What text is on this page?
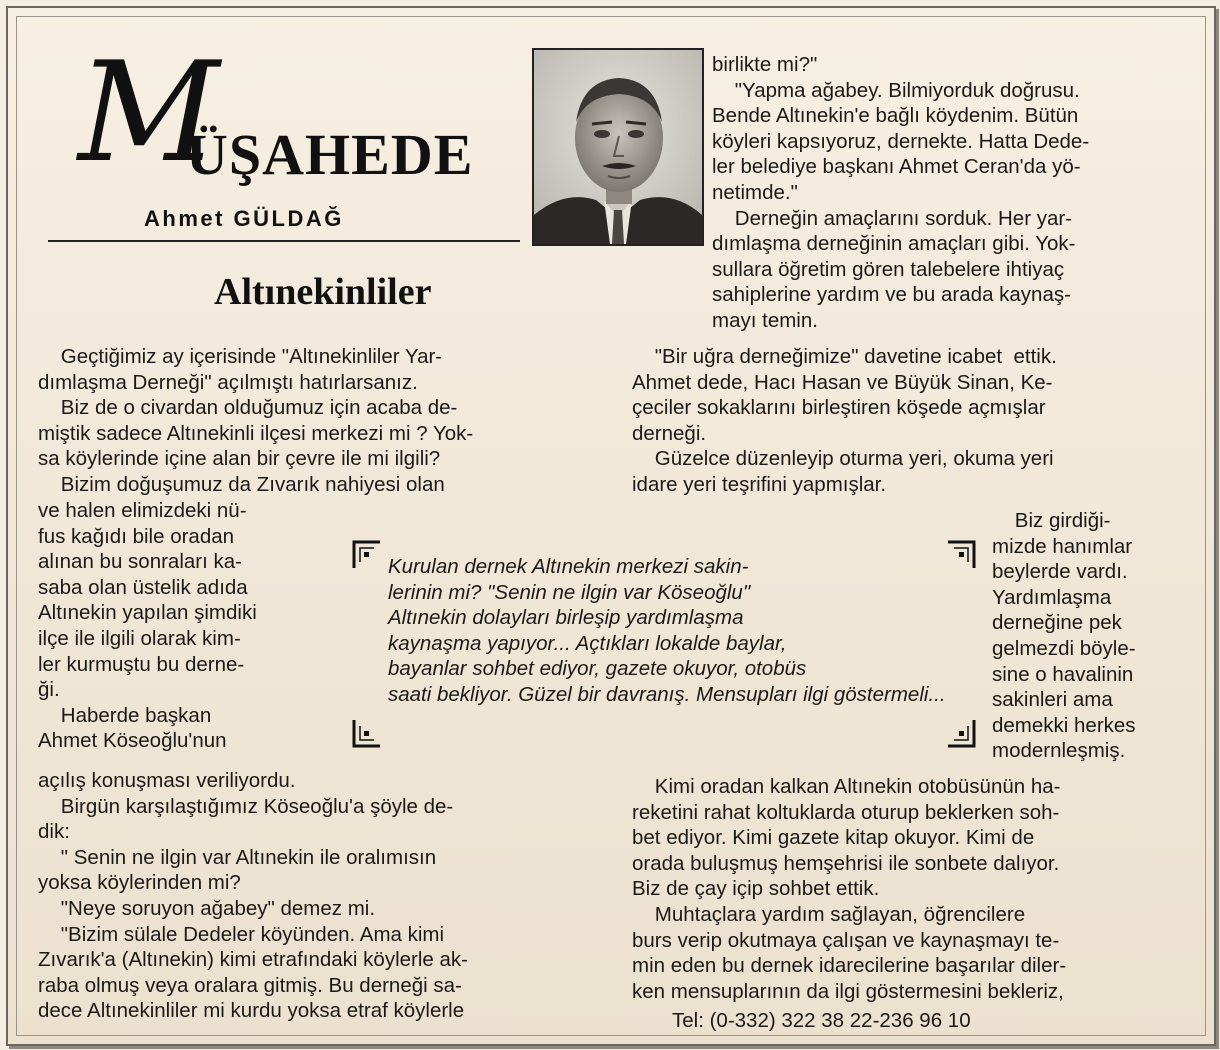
M
ÜŞAHEDE
Ahmet GÜLDAĞ
Altınekinliler
birlikte mi?"
"Yapma ağabey. Bilmiyorduk doğrusu.
Bende Altınekin'e bağlı köydenim. Bütün
köyleri kapsıyoruz, dernekte. Hatta Dede-
ler belediye başkanı Ahmet Ceran'da yö-
netimde."
Derneğin amaçlarını sorduk. Her yar-
dımlaşma derneğinin amaçları gibi. Yok-
sullara öğretim gören talebelere ihtiyaç
sahiplerine yardım ve bu arada kaynaş-
mayı temin.
Geçtiğimiz ay içerisinde "Altınekinliler Yar-
dımlaşma Derneği" açılmıştı hatırlarsanız.
Biz de o civardan olduğumuz için acaba de-
miştik sadece Altınekinli ilçesi merkezi mi ? Yok-
sa köylerinde içine alan bir çevre ile mi ilgili?
Bizim doğuşumuz da Zıvarık nahiyesi olan
"Bir uğra derneğimize" davetine icabet  ettik.
Ahmet dede, Hacı Hasan ve Büyük Sinan, Ke-
çeciler sokaklarını birleştiren köşede açmışlar
derneği.
Güzelce düzenleyip oturma yeri, okuma yeri
idare yeri teşrifini yapmışlar.
ve halen elimizdeki nü-
fus kağıdı bile oradan
alınan bu sonraları ka-
saba olan üstelik adıda
Altınekin yapılan şimdiki
ilçe ile ilgili olarak kim-
ler kurmuştu bu derne-
ği.
Haberde başkan
Ahmet Köseoğlu'nun
Kurulan dernek Altınekin merkezi sakin- lerinin mi? "Senin ne ilgin var Köseoğlu" Altınekin dolayları birleşip yardımlaşma kaynaşma yapıyor... Açtıkları lokalde baylar, bayanlar sohbet ediyor, gazete okuyor, otobüs saati bekliyor. Güzel bir davranış. Mensupları ilgi göstermeli...
Biz girdiği-
mizde hanımlar
beylerde vardı.
Yardımlaşma
derneğine pek
gelmezdi böyle-
sine o havalinin
sakinleri ama
demekki herkes
modernleşmiş.
açılış konuşması veriliyordu.
Birgün karşılaştığımız Köseoğlu'a şöyle de-
dik:
" Senin ne ilgin var Altınekin ile oralımısın
yoksa köylerinden mi?
"Neye soruyon ağabey" demez mi.
"Bizim sülale Dedeler köyünden. Ama kimi
Zıvarık'a (Altınekin) kimi etrafındaki köylerle ak-
raba olmuş veya oralara gitmiş. Bu derneği sa-
dece Altınekinliler mi kurdu yoksa etraf köylerle
Kimi oradan kalkan Altınekin otobüsünün ha-
reketini rahat koltuklarda oturup beklerken soh-
bet ediyor. Kimi gazete kitap okuyor. Kimi de
orada buluşmuş hemşehrisi ile sonbete dalıyor.
Biz de çay içip sohbet ettik.
Muhtaçlara yardım sağlayan, öğrencilere
burs verip okutmaya çalışan ve kaynaşmayı te-
min eden bu dernek idarecilerine başarılar diler-
ken mensuplarının da ilgi göstermesini bekleriz,
Tel: (0-332) 322 38 22-236 96 10
